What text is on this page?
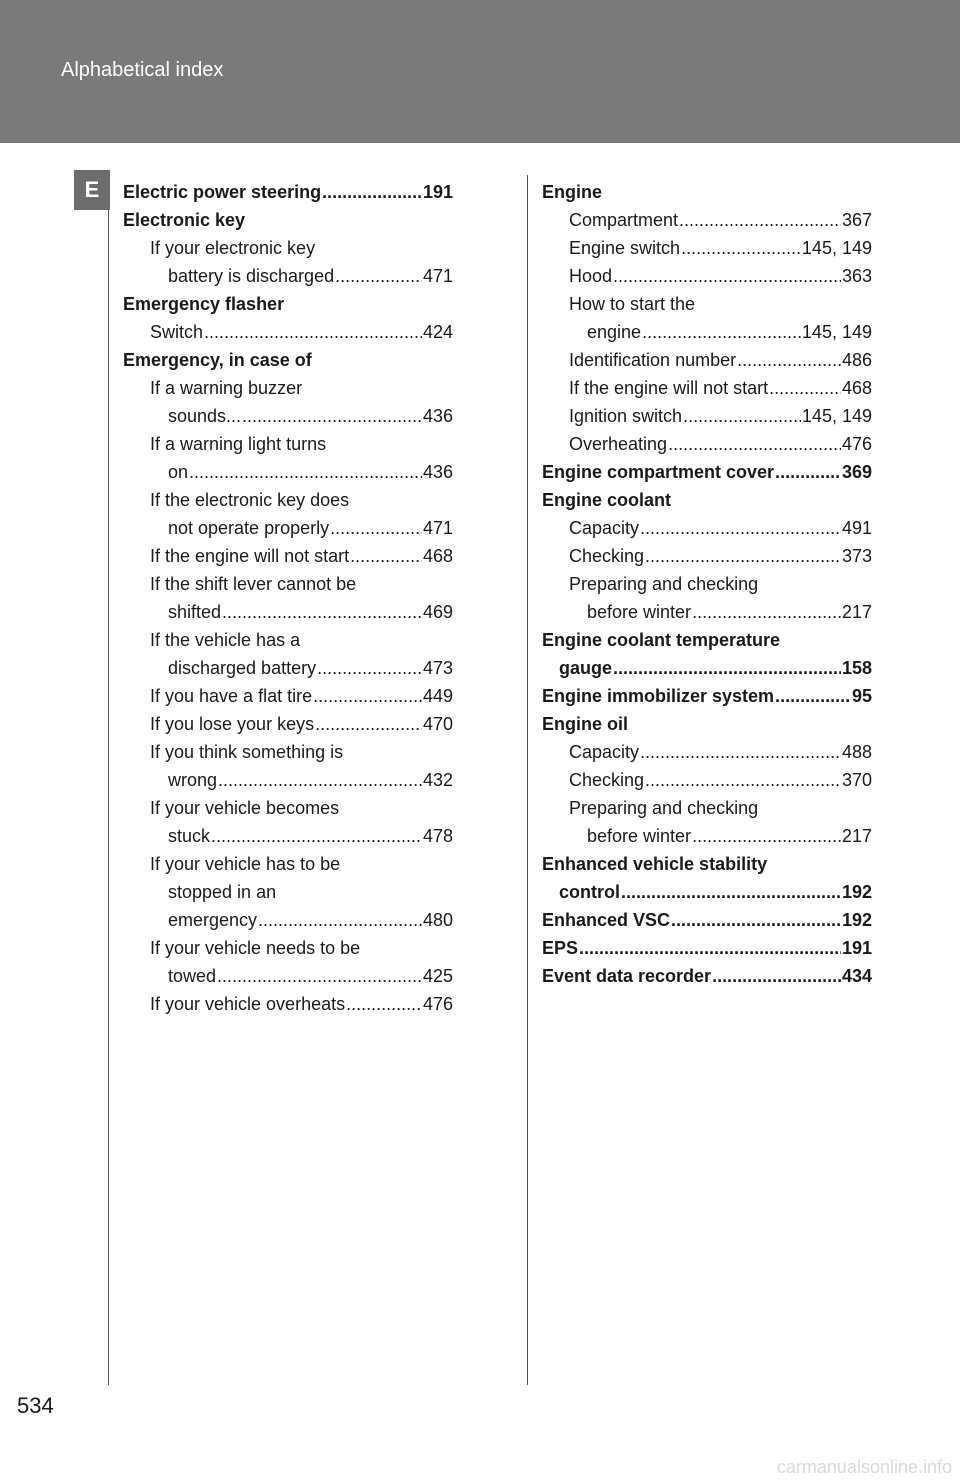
Alphabetical index
E	Electric power steering .....	191
Electronic key
If your electronic key
battery is discharged .....	471
Emergency flasher
Switch .....	424
Emergency, in case of
If a warning buzzer
sounds... .....	436
If a warning light turns
on .....	436
If the electronic key does
not operate properly .....	471
If the engine will not start .....	468
If the shift lever cannot be
shifted .....	469
If the vehicle has a
discharged battery .....	473
If you have a flat tire .....	449
If you lose your keys .....	470
If you think something is
wrong .....	432
If your vehicle becomes
stuck .....	478
If your vehicle has to be
stopped in an
emergency .....	480
If your vehicle needs to be
towed .....	425
If your vehicle overheats .....	476
Engine
Compartment .....	367
Engine switch .....	145, 149
Hood .....	363
How to start the
engine .....	145, 149
Identification number .....	486
If the engine will not start .....	468
Ignition switch .....	145, 149
Overheating .....	476
Engine compartment cover .....	369
Engine coolant
Capacity .....	491
Checking .....	373
Preparing and checking
before winter .....	217
Engine coolant temperature
gauge .....	158
Engine immobilizer system .....	95
Engine oil
Capacity .....	488
Checking .....	370
Preparing and checking
before winter .....	217
Enhanced vehicle stability
control .....	192
Enhanced VSC .....	192
EPS .....	191
Event data recorder .....	434
534
carmanualsonline.info
